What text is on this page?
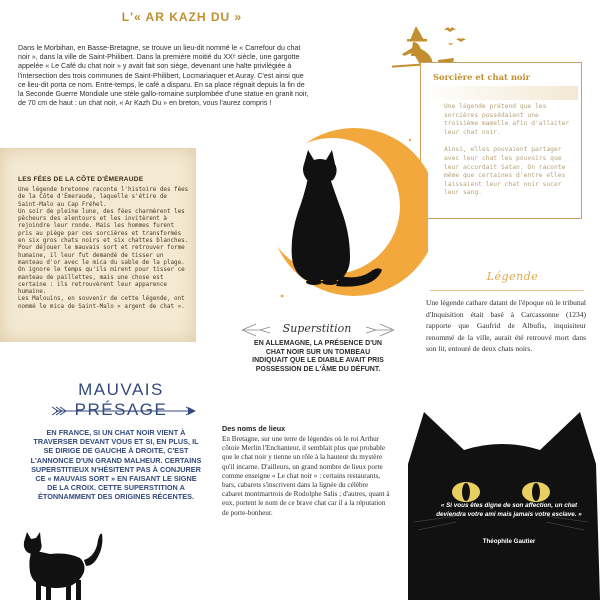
L'« AR KAZH DU »
Dans le Morbihan, en Basse-Bretagne, se trouve un lieu-dit nommé le « Carrefour du chat noir », dans la ville de Saint-Philibert. Dans la première moitié du XXᵉ siècle, une gargotte appelée « Le Café du chat noir » y avait fait son siège, devenant une halte privilégiée à l'intersection des trois communes de Saint-Philibert, Locmariaquer et Auray. C'est ainsi que ce lieu-dit porta ce nom. Entre-temps, le café a disparu. En sa place régnait depuis la fin de la Seconde Guerre Mondiale une stèle gallo-romaine surplombée d'une statue en granit noir, de 70 cm de haut : un chat noir, « Ar Kazh Du » en breton, vous l'aurez compris !
LES FÉES DE LA CÔTE D'ÉMERAUDE

Une légende bretonne raconte l'histoire des fées de la Côte d'Émeraude, laquelle s'étire de Saint-Malo au Cap Fréhel.

Un soir de pleine lune, des fées charmèrent les pêcheurs des alentours et les invitèrent à rejoindre leur ronde. Mais les hommes furent pris au piège par ces sorcières et transformés en six gros chats noirs et six chattes blanches. Pour déjouer le mauvais sort et retrouver forme humaine, il leur fut demandé de tisser un manteau d'or avec le mica du sable de la plage. On ignore le temps qu'ils mirent pour tisser ce manteau de paillettes, mais une chose est certaine : ils retrouvèrent leur apparence humaine.

Les Malouins, en souvenir de cette légende, ont nommé le mica de Saint-Malo « argent de chat ».

Sorcière et chat noir

Une légende prétend que les sorcières possédaient une troisième mamelle afin d'allaiter leur chat noir.

Ainsi, elles pouvaient partager avec leur chat les pouvoirs que leur accordait Satan. On raconte même que certaines d'entre elles laissaient leur chat noir sucer leur sang.

Superstition
EN ALLEMAGNE, LA PRÉSENCE D'UN CHAT NOIR SUR UN TOMBEAU INDIQUAIT QUE LE DIABLE AVAIT PRIS POSSESSION DE L'ÂME DU DÉFUNT.
Légende
Une légende cathare datant de l'époque où le tribunal d'Inquisition était basé à Carcassonne (1234) rapporte que Gaufrid de Albufis, inquisiteur renommé de la ville, aurait été retrouvé mort dans son lit, entouré de deux chats noirs.
MAUVAIS PRÉSAGE
EN FRANCE, SI UN CHAT NOIR VIENT À TRAVERSER DEVANT VOUS ET SI, EN PLUS, IL SE DIRIGE DE GAUCHE À DROITE, C'EST L'ANNONCE D'UN GRAND MALHEUR. CERTAINS SUPERSTITIEUX N'HÉSITENT PAS À CONJURER CE « MAUVAIS SORT » EN FAISANT LE SIGNE DE LA CROIX. CETTE SUPERSTITION A ÉTONNAMMENT DES ORIGINES RÉCENTES.
Des noms de lieux
En Bretagne, sur une terre de légendes où le roi Arthur côtoie Merlin l'Enchanteur, il semblait plus que probable que le chat noir y tienne un rôle à la hauteur du mystère qu'il incarne. D'ailleurs, un grand nombre de lieux porte comme enseigne « Le chat noir » : certains restaurants, bars, cabarets s'inscrivent dans la lignée du célèbre cabaret montmartrois de Rodolphe Salis ; d'autres, quant à eux, portent le nom de ce brave chat car il a la réputation de porte-bonheur.
« Si vous êtes digne de son affection, un chat deviendra votre ami mais jamais votre esclave. »
Théophile Gautier
